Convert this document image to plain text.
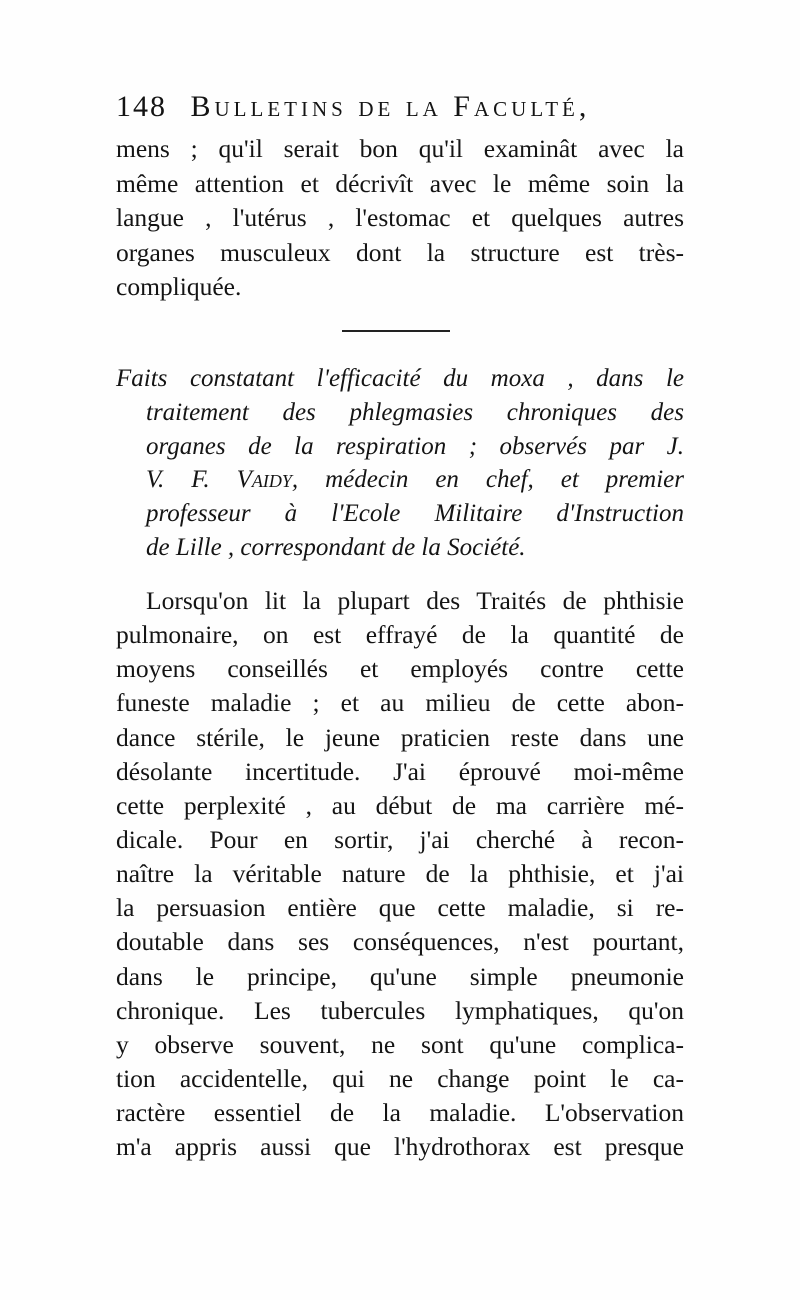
148 Bulletins de la Faculté,
mens ; qu'il serait bon qu'il examinât avec la
même attention et décrivît avec le même soin la
langue , l'utérus , l'estomac et quelques autres
organes musculeux dont la structure est très-
compliquée.
Faits constatant l'efficacité du moxa , dans le
traitement des phlegmasies chroniques des
organes de la respiration ; observés par J.
V. F. Vaidy, médecin en chef, et premier
professeur à l'Ecole Militaire d'Instruction
de Lille , correspondant de la Société.
Lorsqu'on lit la plupart des Traités de phthisie
pulmonaire, on est effrayé de la quantité de
moyens conseillés et employés contre cette
funeste maladie ; et au milieu de cette abon-
dance stérile, le jeune praticien reste dans une
désolante incertitude. J'ai éprouvé moi-même
cette perplexité , au début de ma carrière mé-
dicale. Pour en sortir, j'ai cherché à recon-
naître la véritable nature de la phthisie, et j'ai
la persuasion entière que cette maladie, si re-
doutable dans ses conséquences, n'est pourtant,
dans le principe, qu'une simple pneumonie
chronique. Les tubercules lymphatiques, qu'on
y observe souvent, ne sont qu'une complica-
tion accidentelle, qui ne change point le ca-
ractère essentiel de la maladie. L'observation
m'a appris aussi que l'hydrothorax est presque
